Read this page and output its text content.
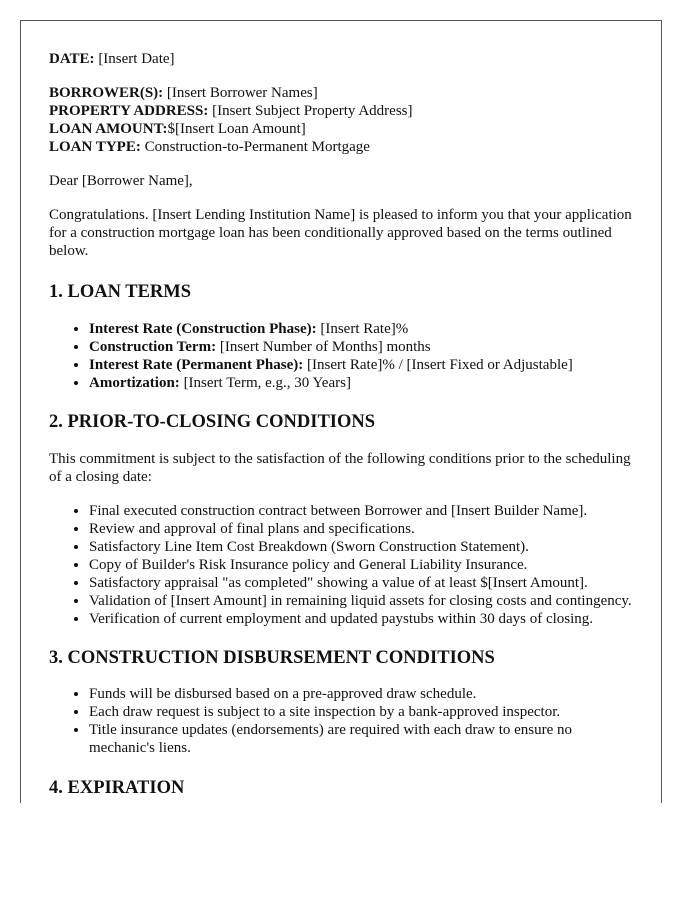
DATE: [Insert Date]

BORROWER(S): [Insert Borrower Names]

PROPERTY ADDRESS: [Insert Subject Property Address]

LOAN AMOUNT:$[Insert Loan Amount]

LOAN TYPE: Construction-to-Permanent Mortgage

Dear [Borrower Name],

Congratulations. [Insert Lending Institution Name] is pleased to inform you that your application for a construction mortgage loan has been conditionally approved based on the terms outlined below.

1. LOAN TERMS
• Interest Rate (Construction Phase): [Insert Rate]%
• Construction Term: [Insert Number of Months] months
• Interest Rate (Permanent Phase): [Insert Rate]% / [Insert Fixed or Adjustable]
• Amortization: [Insert Term, e.g., 30 Years]
2. PRIOR-TO-CLOSING CONDITIONS

This commitment is subject to the satisfaction of the following conditions prior to the scheduling of a closing date:

• Final executed construction contract between Borrower and [Insert Builder Name].
• Review and approval of final plans and specifications.
• Satisfactory Line Item Cost Breakdown (Sworn Construction Statement).
• Copy of Builder's Risk Insurance policy and General Liability Insurance.
• Satisfactory appraisal "as completed" showing a value of at least $[Insert Amount].
• Validation of [Insert Amount] in remaining liquid assets for closing costs and contingency.
• Verification of current employment and updated paystubs within 30 days of closing.
3. CONSTRUCTION DISBURSEMENT CONDITIONS
• Funds will be disbursed based on a pre-approved draw schedule.
• Each draw request is subject to a site inspection by a bank-approved inspector.
• Title insurance updates (endorsements) are required with each draw to ensure no mechanic's liens.
4. EXPIRATION
